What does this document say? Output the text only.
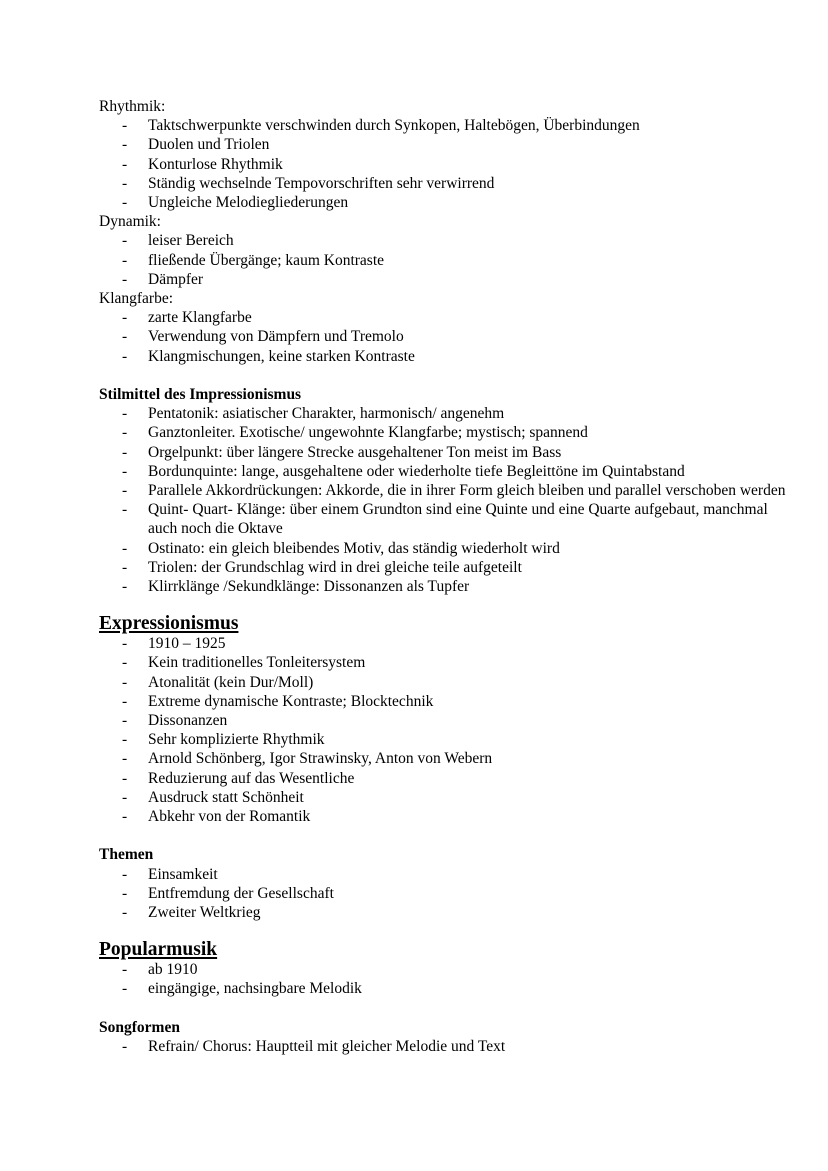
Rhythmik:
- Taktschwerpunkte verschwinden durch Synkopen, Haltebögen, Überbindungen
- Duolen und Triolen
- Konturlose Rhythmik
- Ständig wechselnde Tempovorschriften sehr verwirrend
- Ungleiche Melodiegliederungen
Dynamik:
- leiser Bereich
- fließende Übergänge; kaum Kontraste
- Dämpfer
Klangfarbe:
- zarte Klangfarbe
- Verwendung von Dämpfern und Tremolo
- Klangmischungen, keine starken Kontraste
Stilmittel des Impressionismus
- Pentatonik: asiatischer Charakter, harmonisch/ angenehm
- Ganztonleiter. Exotische/ ungewohnte Klangfarbe; mystisch; spannend
- Orgelpunkt: über längere Strecke ausgehaltener Ton meist im Bass
- Bordunquinte: lange, ausgehaltene oder wiederholte tiefe Begleittöne im Quintabstand
- Parallele Akkordrückungen: Akkorde, die in ihrer Form gleich bleiben und parallel verschoben werden
- Quint- Quart- Klänge: über einem Grundton sind eine Quinte und eine Quarte aufgebaut, manchmal auch noch die Oktave
- Ostinato: ein gleich bleibendes Motiv, das ständig wiederholt wird
- Triolen: der Grundschlag wird in drei gleiche teile aufgeteilt
- Klirrklänge /Sekundklänge: Dissonanzen als Tupfer
Expressionismus
- 1910 – 1925
- Kein traditionelles Tonleitersystem
- Atonalität (kein Dur/Moll)
- Extreme dynamische Kontraste; Blocktechnik
- Dissonanzen
- Sehr komplizierte Rhythmik
- Arnold Schönberg, Igor Strawinsky, Anton von Webern
- Reduzierung auf das Wesentliche
- Ausdruck statt Schönheit
- Abkehr von der Romantik
Themen
- Einsamkeit
- Entfremdung der Gesellschaft
- Zweiter Weltkrieg
Popularmusik
- ab 1910
- eingängige, nachsingbare Melodik
Songformen
- Refrain/ Chorus: Hauptteil mit gleicher Melodie und Text
